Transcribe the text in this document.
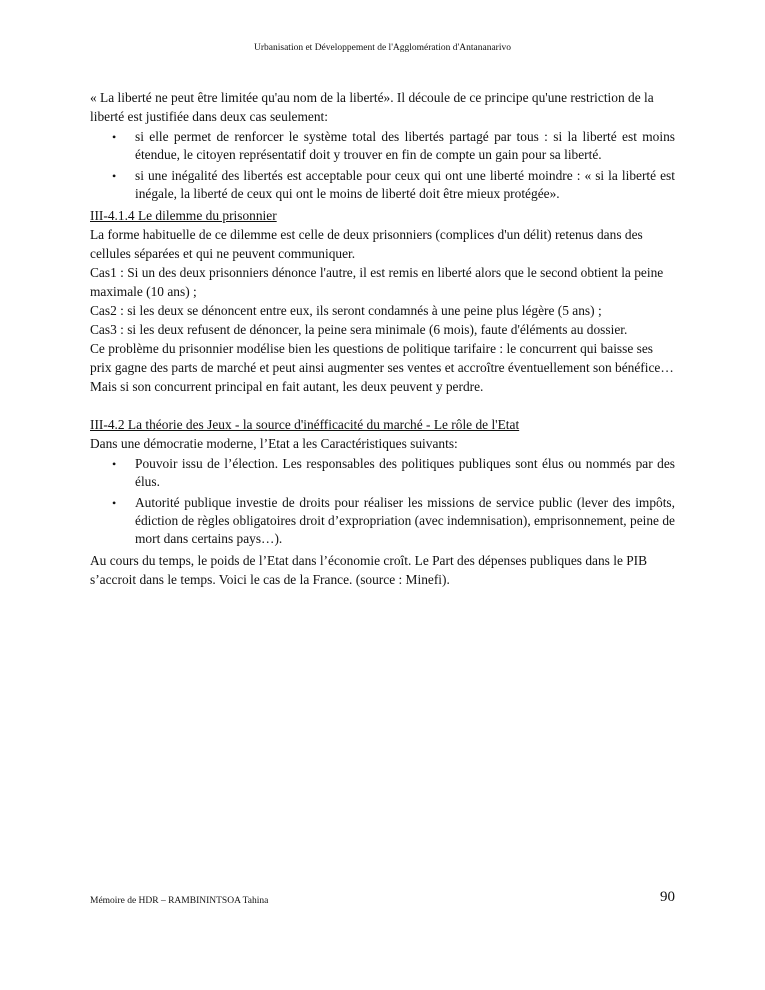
Urbanisation et Développement de l'Agglomération d'Antananarivo

« La liberté ne peut être limitée qu'au nom de la liberté». Il découle de ce principe qu'une restriction de la liberté est justifiée dans deux cas seulement:

• si elle permet de renforcer le système total des libertés partagé par tous : si la liberté est moins étendue, le citoyen représentatif doit y trouver en fin de compte un gain pour sa liberté.
• si une inégalité des libertés est acceptable pour ceux qui ont une liberté moindre : « si la liberté est inégale, la liberté de ceux qui ont le moins de liberté doit être mieux protégée».

III-4.1.4 Le dilemme du prisonnier

La forme habituelle de ce dilemme est celle de deux prisonniers (complices d'un délit) retenus dans des cellules séparées et qui ne peuvent communiquer.

Cas1 : Si un des deux prisonniers dénonce l'autre, il est remis en liberté alors que le second obtient la peine maximale (10 ans) ;

Cas2 : si les deux se dénoncent entre eux, ils seront condamnés à une peine plus légère (5 ans) ;

Cas3 : si les deux refusent de dénoncer, la peine sera minimale (6 mois), faute d'éléments au dossier.

Ce problème du prisonnier modélise bien les questions de politique tarifaire : le concurrent qui baisse ses prix gagne des parts de marché et peut ainsi augmenter ses ventes et accroître éventuellement son bénéfice… Mais si son concurrent principal en fait autant, les deux peuvent y perdre.

III-4.2 La théorie des Jeux - la source d'inéfficacité du marché - Le rôle de l'Etat

Dans une démocratie moderne, l’Etat a les Caractéristiques suivants:

• Pouvoir issu de l’élection. Les responsables des politiques publiques sont élus ou nommés par des élus.
• Autorité publique investie de droits pour réaliser les missions de service public (lever des impôts, édiction de règles obligatoires droit d’expropriation (avec indemnisation), emprisonnement, peine de mort dans certains pays…).

Au cours du temps, le poids de l’Etat dans l’économie croît. Le Part des dépenses publiques dans le PIB s’accroit dans le temps. Voici le cas de la France. (source : Minefi).

Mémoire de HDR – RAMBININTSOA Tahina	90
